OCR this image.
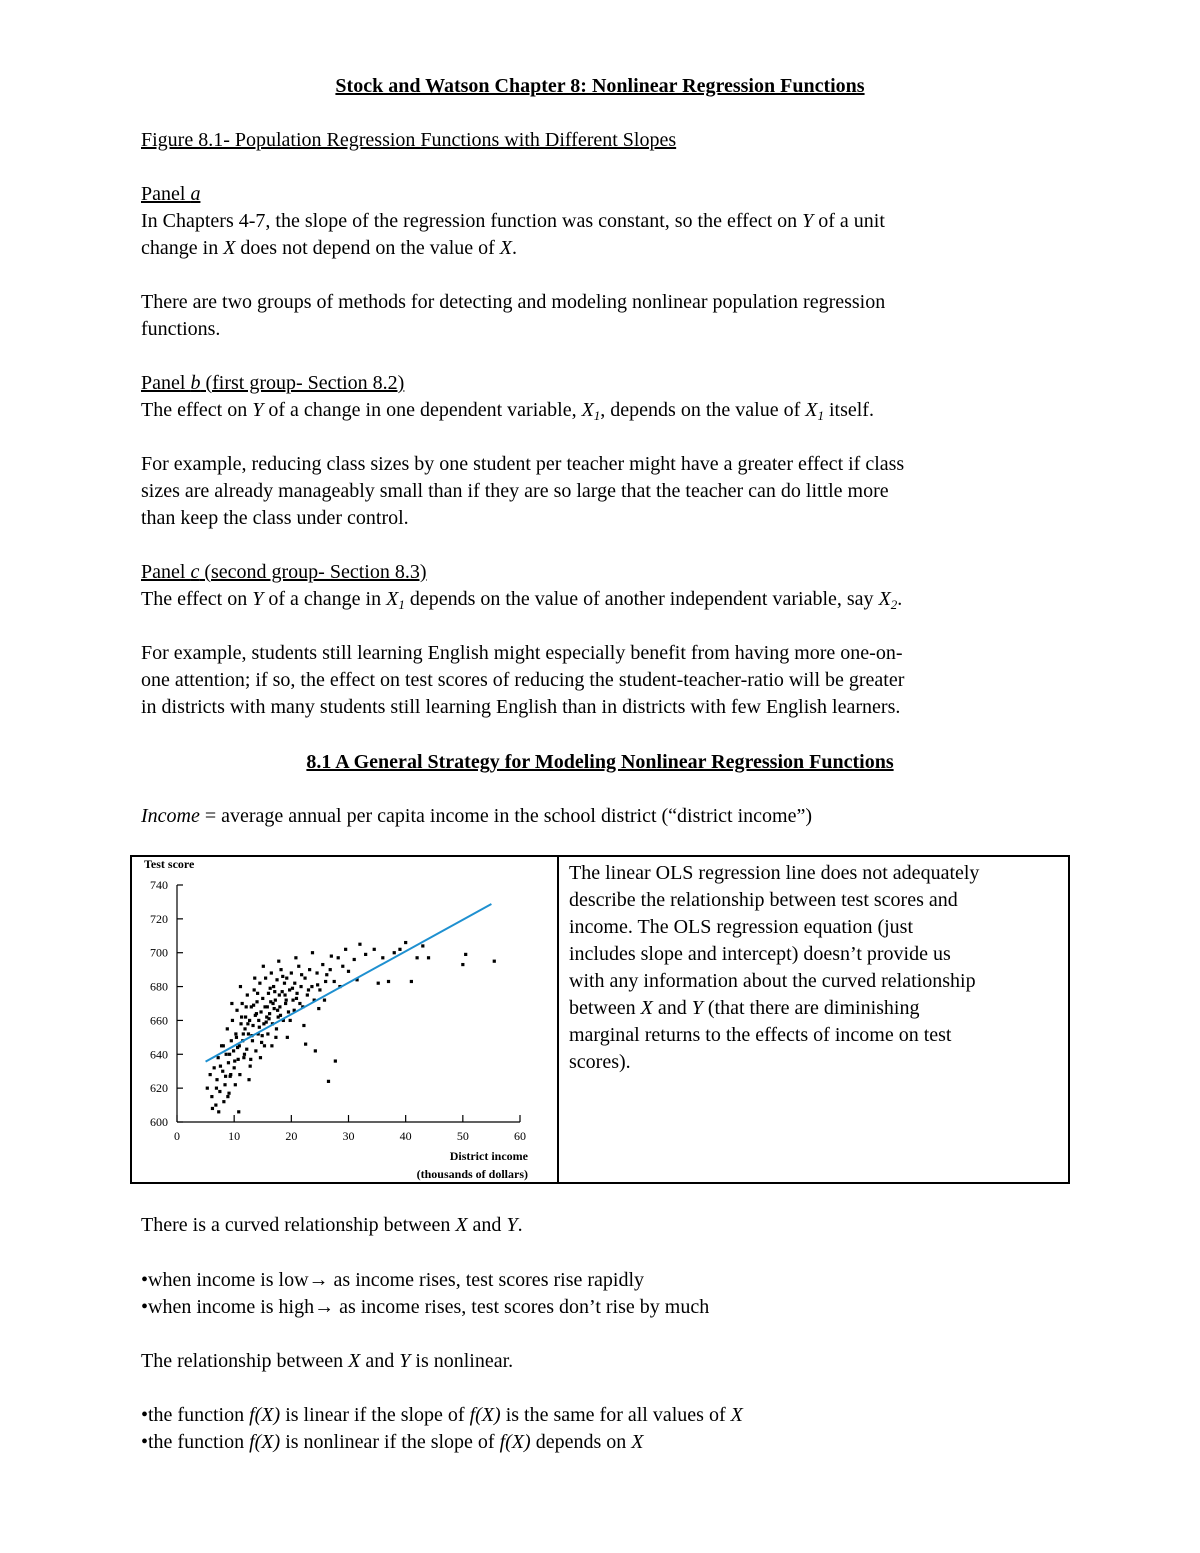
Stock and Watson Chapter 8: Nonlinear Regression Functions
Figure 8.1- Population Regression Functions with Different Slopes
Panel a
In Chapters 4-7, the slope of the regression function was constant, so the effect on Y of a unit
change in X does not depend on the value of X.
There are two groups of methods for detecting and modeling nonlinear population regression
functions.
Panel b (first group- Section 8.2)
The effect on Y of a change in one dependent variable, $X_1$, depends on the value of $X_1$ itself.
For example, reducing class sizes by one student per teacher might have a greater effect if class
sizes are already manageably small than if they are so large that the teacher can do little more
than keep the class under control.
Panel c (second group- Section 8.3)
The effect on Y of a change in $X_1$ depends on the value of another independent variable, say $X_2$.
For example, students still learning English might especially benefit from having more one-on-
one attention; if so, the effect on test scores of reducing the student-teacher-ratio will be greater
in districts with many students still learning English than in districts with few English learners.
8.1 A General Strategy for Modeling Nonlinear Regression Functions
Income = average annual per capita income in the school district (“district income”)
0	10	20	30	40	50	60
600
620
640
660
680
700
720
740
Test score
District income
(thousands of dollars)
The linear OLS regression line does not adequately
describe the relationship between test scores and
income. The OLS regression equation (just
includes slope and intercept) doesn’t provide us
with any information about the curved relationship
between X and Y (that there are diminishing
marginal returns to the effects of income on test
scores).
There is a curved relationship between X and Y.
•when income is low→ as income rises, test scores rise rapidly
•when income is high→ as income rises, test scores don’t rise by much
The relationship between X and Y is nonlinear.
•the function f(X) is linear if the slope of f(X) is the same for all values of X
•the function f(X) is nonlinear if the slope of f(X) depends on X
